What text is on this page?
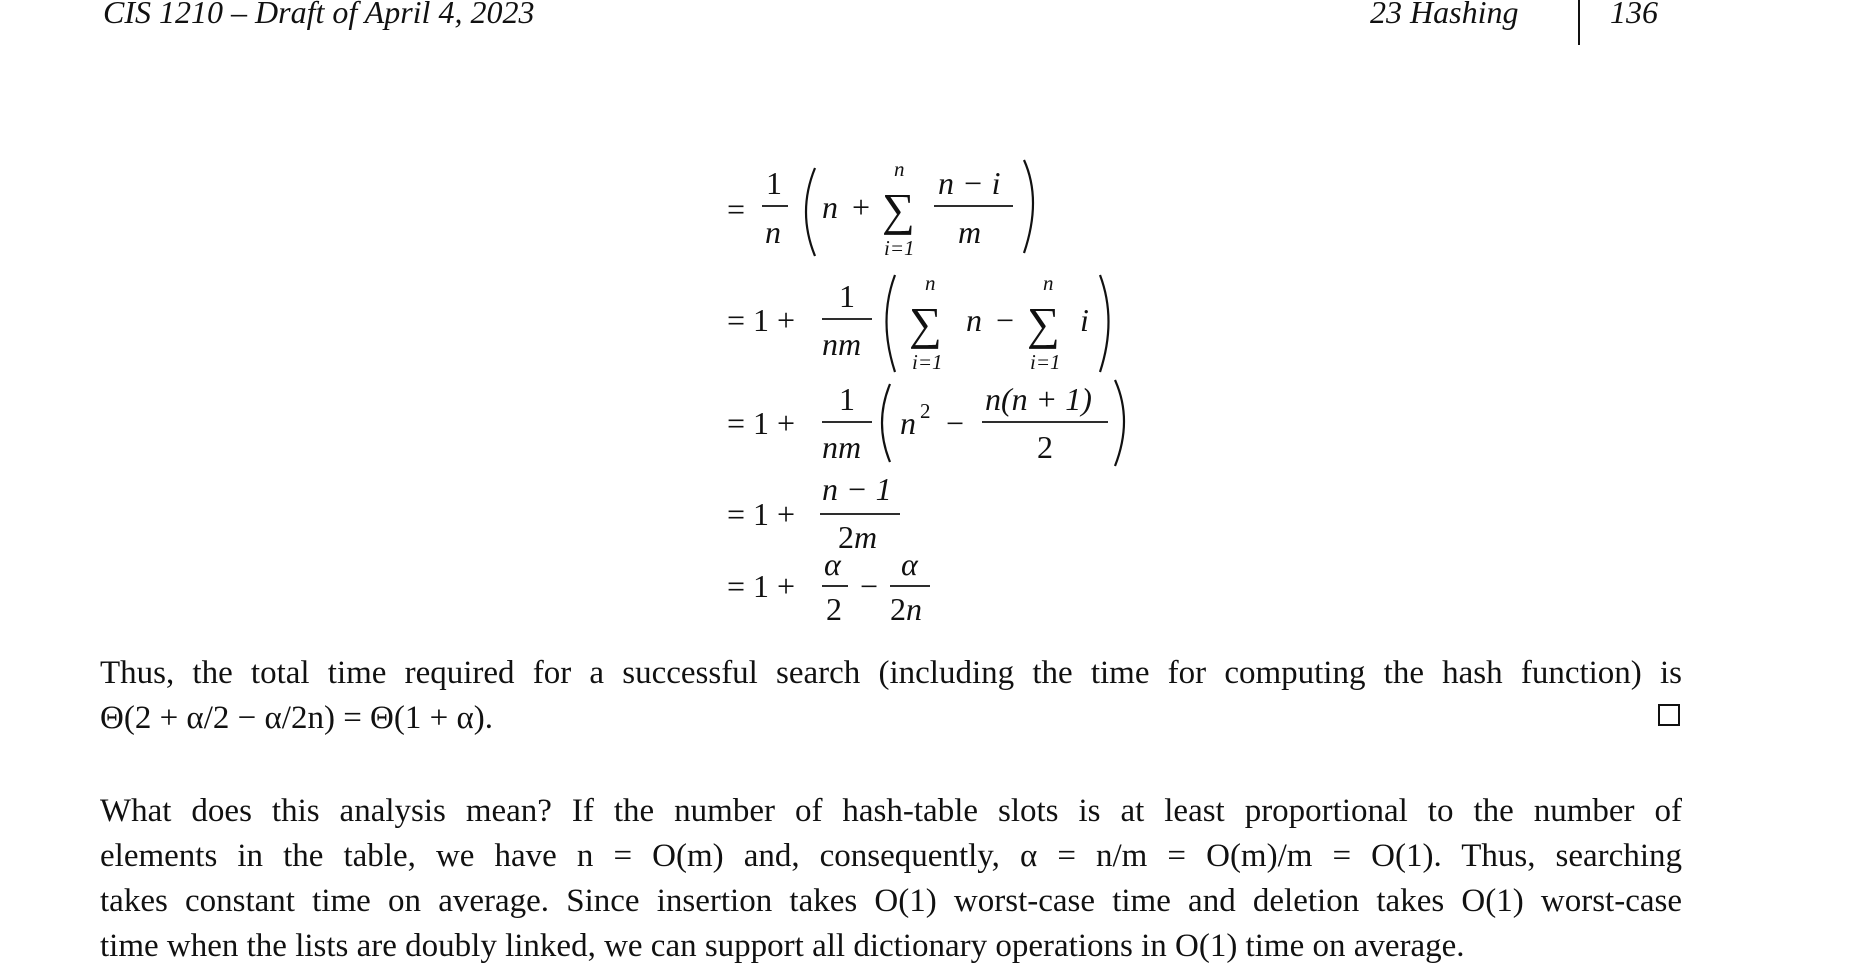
CIS 1210 – Draft of April 4, 2023	23 Hashing	136
=
1
n
n +
n
∑
i=1
n − i
m
= 1 +
1
nm
n
∑
i=1
n −
n
∑
i=1
i
= 1 +
1
nm
n 2 −
n(n + 1)
2
= 1 +
n − 1
2 m
= 1 +
α
2
−
α
2 n
Thus, the total time required for a successful search (including the time for computing the hash function) is
Θ(2 + α/2 − α/2n) = Θ(1 + α).
What does this analysis mean? If the number of hash-table slots is at least proportional to the number of
elements in the table, we have n = O(m) and, consequently, α = n/m = O(m)/m = O(1). Thus, searching
takes constant time on average. Since insertion takes O(1) worst-case time and deletion takes O(1) worst-case
time when the lists are doubly linked, we can support all dictionary operations in O(1) time on average.
